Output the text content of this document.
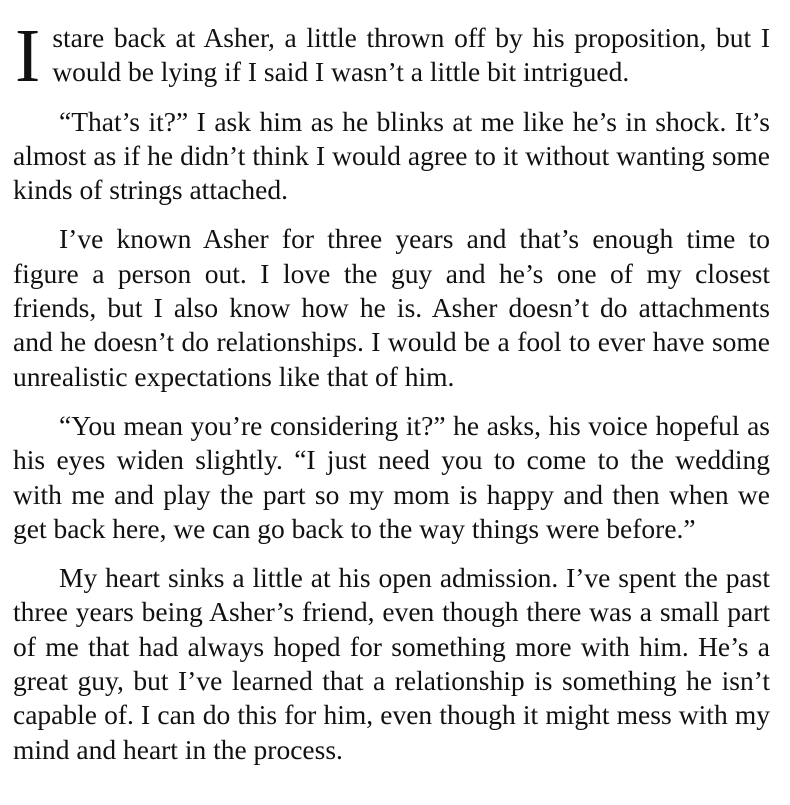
Istare back at Asher, a little thrown off by his proposition, but I would be lying if I said I wasn’t a little bit intrigued.

“That’s it?” I ask him as he blinks at me like he’s in shock. It’s almost as if he didn’t think I would agree to it without wanting some kinds of strings attached.

I’ve known Asher for three years and that’s enough time to figure a person out. I love the guy and he’s one of my closest friends, but I also know how he is. Asher doesn’t do attachments and he doesn’t do relationships. I would be a fool to ever have some unrealistic expectations like that of him.

“You mean you’re considering it?” he asks, his voice hopeful as his eyes widen slightly. “I just need you to come to the wedding with me and play the part so my mom is happy and then when we get back here, we can go back to the way things were before.”

My heart sinks a little at his open admission. I’ve spent the past three years being Asher’s friend, even though there was a small part of me that had always hoped for something more with him. He’s a great guy, but I’ve learned that a relationship is something he isn’t capable of. I can do this for him, even though it might mess with my mind and heart in the process.
